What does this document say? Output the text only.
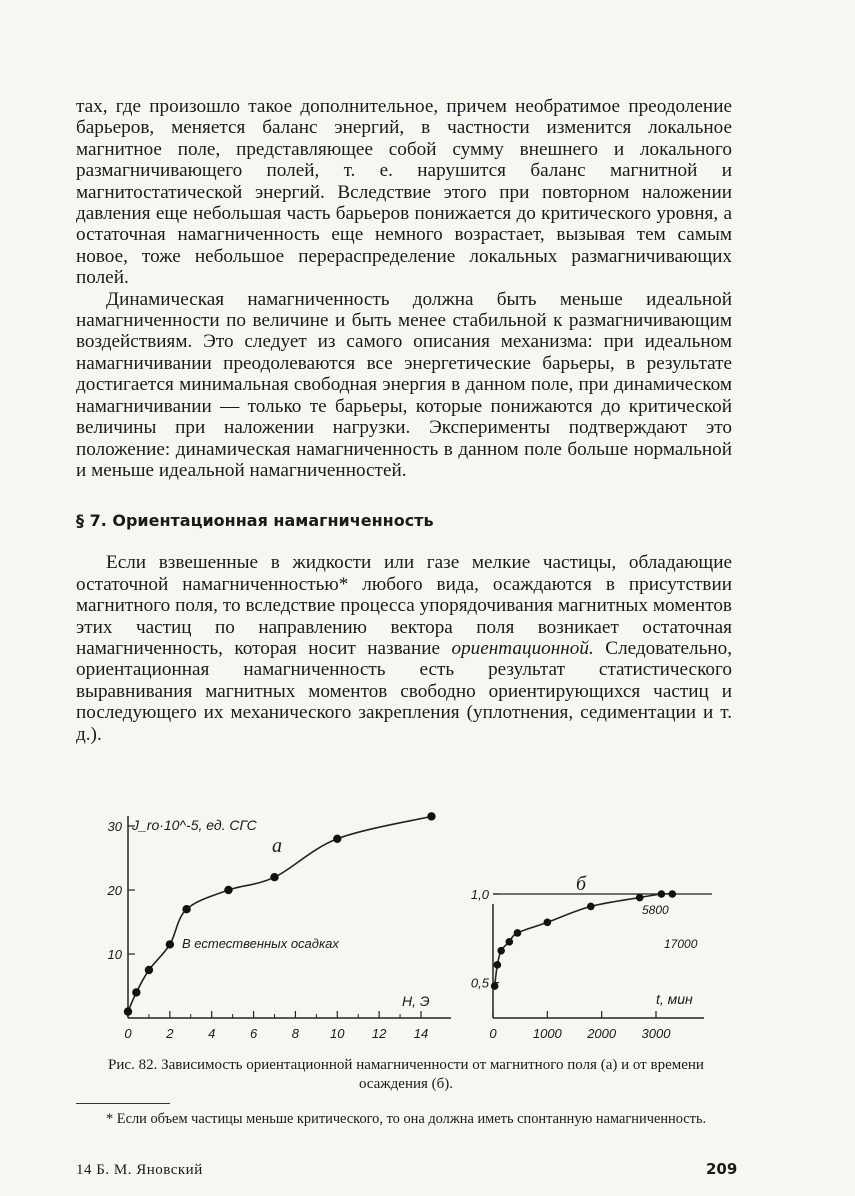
тах, где произошло такое дополнительное, причем необратимое преодоление барьеров, меняется баланс энергий, в частности изменится локальное магнитное поле, представляющее собой сумму внешнего и локального размагничивающего полей, т. е. нарушится баланс магнитной и магнитостатической энергий. Вследствие этого при повторном наложении давления еще небольшая часть барьеров понижается до критического уровня, а остаточная намагниченность еще немного возрастает, вызывая тем самым новое, тоже небольшое перераспределение локальных размагничивающих полей.

Динамическая намагниченность должна быть меньше идеальной намагниченности по величине и быть менее стабильной к размагничивающим воздействиям. Это следует из самого описания механизма: при идеальном намагничивании преодолеваются все энергетические барьеры, в результате достигается минимальная свободная энергия в данном поле, при динамическом намагничивании — только те барьеры, которые понижаются до критической величины при наложении нагрузки. Эксперименты подтверждают это положение: динамическая намагниченность в данном поле больше нормальной и меньше идеальной намагниченностей.

§ 7. Ориентационная намагниченность

Если взвешенные в жидкости или газе мелкие частицы, обладающие остаточной намагниченностью* любого вида, осаждаются в присутствии магнитного поля, то вследствие процесса упорядочивания магнитных моментов этих частиц по направлению вектора поля возникает остаточная намагниченность, которая носит название ориентационной. Следовательно, ориентационная намагниченность есть результат статистического выравнивания магнитных моментов свободно ориентирующихся частиц и последующего их механического закрепления (уплотнения, седиментации и т. д.).

0	2	4	6	8 10 12 14
10
20
30 J_ro·10^-5, ед. СГС
H, Э
а
В естественных осадках
0	1000 2000 3000
0,5
1,0
t, мин
б
5800
17000
Рис. 82. Зависимость ориентационной намагниченности от магнитного поля (а) и от времени осаждения (б).
* Если объем частицы меньше критического, то она должна иметь спонтанную намагниченность.
14 Б. М. Яновский	209
